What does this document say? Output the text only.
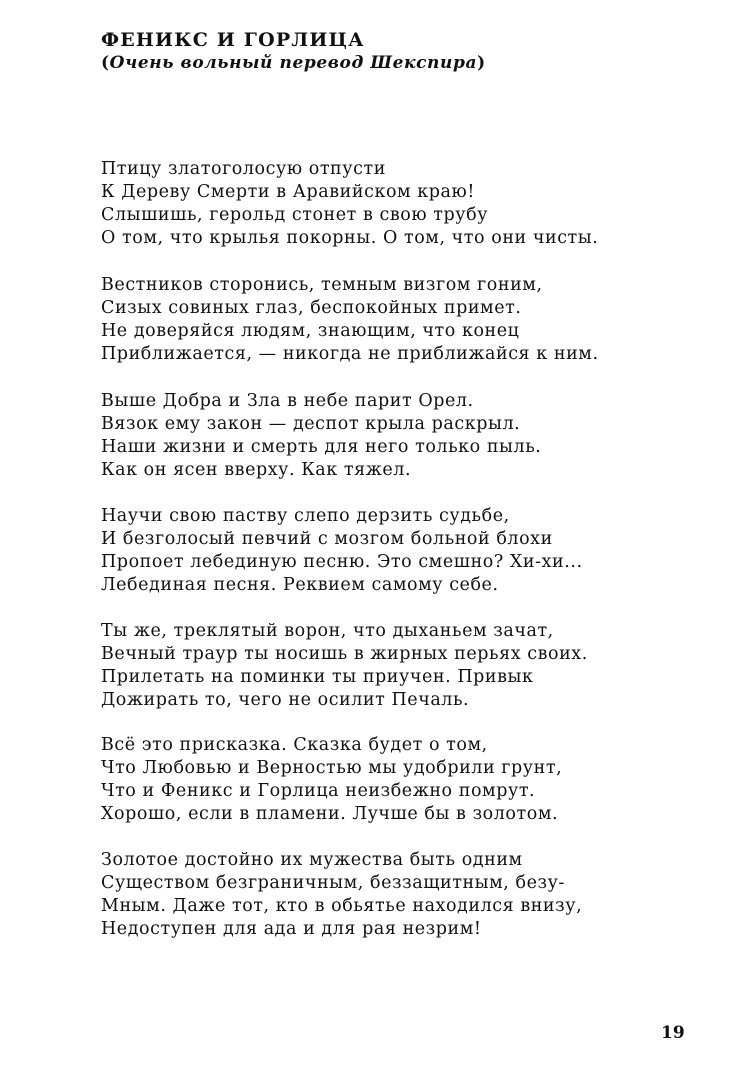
ФЕНИКС И ГОРЛИЦА

(Очень вольный перевод Шекспира)

Птицу златоголосую отпусти
К Дереву Смерти в Аравийском краю!
Слышишь, герольд стонет в свою трубу
О том, что крылья покорны. О том, что они чисты.
Вестников сторонись, темным визгом гоним,
Сизых совиных глаз, беспокойных примет.
Не доверяйся людям, знающим, что конец
Приближается, — никогда не приближайся к ним.
Выше Добра и Зла в небе парит Орел.
Вязок ему закон — деспот крыла раскрыл.
Наши жизни и смерть для него только пыль.
Как он ясен вверху. Как тяжел.
Научи свою паству слепо дерзить судьбе,
И безголосый певчий с мозгом больной блохи
Пропоет лебединую песню. Это смешно? Хи-хи...
Лебединая песня. Реквием самому себе.
Ты же, треклятый ворон, что дыханьем зачат,
Вечный траур ты носишь в жирных перьях своих.
Прилетать на поминки ты приучен. Привык
Дожирать то, чего не осилит Печаль.
Всё это присказка. Сказка будет о том,
Что Любовью и Верностью мы удобрили грунт,
Что и Феникс и Горлица неизбежно помрут.
Хорошо, если в пламени. Лучше бы в золотом.
Золотое достойно их мужества быть одним
Существом безграничным, беззащитным, безу-
Мным. Даже тот, кто в обьятье находился внизу,
Недоступен для ада и для рая незрим!

19
